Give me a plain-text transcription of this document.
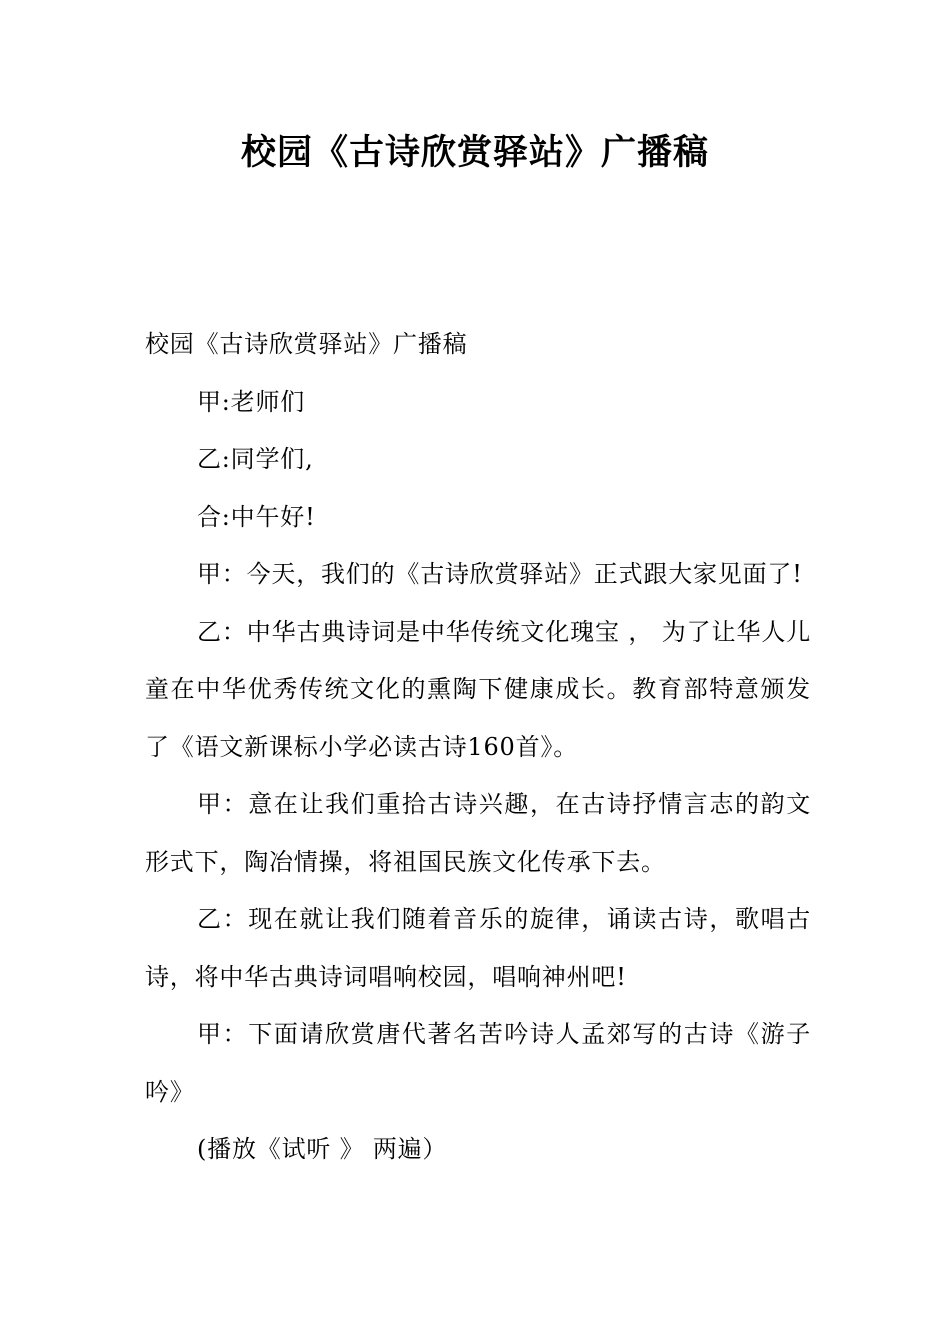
校园《古诗欣赏驿站》广播稿

校园《古诗欣赏驿站》广播稿

甲:老师们

乙:同学们,

合:中午好!

甲：今天，我们的《古诗欣赏驿站》正式跟大家见面了!

乙：中华古典诗词是中华传统文化瑰宝 ， 为了让华人儿童在中华优秀传统文化的熏陶下健康成长。教育部特意颁发了《语文新课标小学必读古诗160首》。

甲：意在让我们重拾古诗兴趣，在古诗抒情言志的韵文形式下，陶冶情操，将祖国民族文化传承下去。

乙：现在就让我们随着音乐的旋律，诵读古诗，歌唱古诗，将中华古典诗词唱响校园，唱响神州吧!

甲：下面请欣赏唐代著名苦吟诗人孟郊写的古诗《游子吟》

(播放《试听 》 两遍）
